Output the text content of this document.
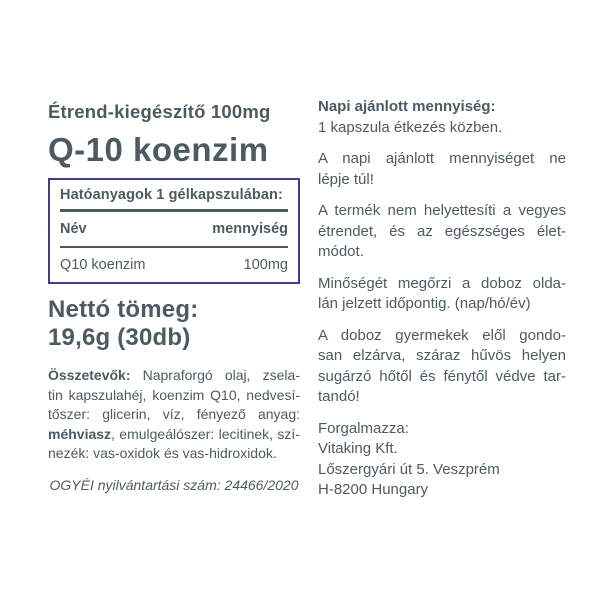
Étrend-kiegészítő 100mg
Q-10 koenzim
Hatóanyagok 1 gélkapszulában:
Név	mennyiség
Q10 koenzim	100mg
Nettó tömeg:
19,6g (30db)
Összetevők: Napraforgó olaj, zsela-
tin kapszulahéj, koenzim Q10, nedvesí-
tőszer: glicerin, víz, fényező anyag:
méhviasz, emulgeálószer: lecitinek, szí-
nezék: vas-oxidok és vas-hidroxidok.
OGYÉI nyilvántartási szám: 24466/2020
Napi ajánlott mennyiség:
1 kapszula étkezés közben.
A napi ajánlott mennyiséget ne
lépje túl!
A termék nem helyettesíti a vegyes
étrendet, és az egészséges élet-
módot.
Minőségét megőrzi a doboz olda-
lán jelzett időpontig. (nap/hó/év)
A doboz gyermekek elől gondo-
san elzárva, száraz hűvös helyen
sugárzó hőtől és fénytől védve tar-
tandó!
Forgalmazza:
Vitaking Kft.
Lőszergyári út 5. Veszprém
H-8200 Hungary
